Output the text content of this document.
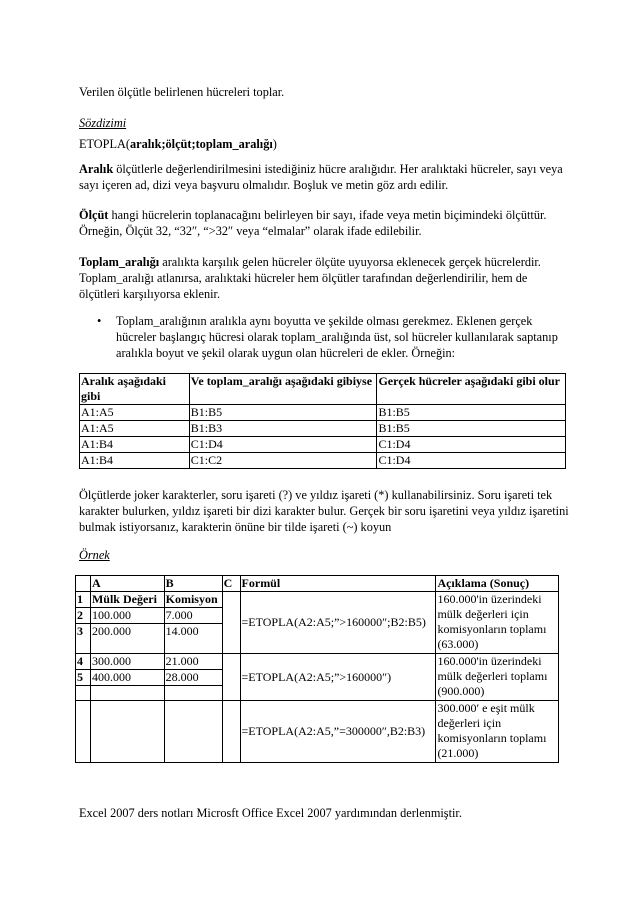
Verilen ölçütle belirlenen hücreleri toplar.

Sözdizimi

ETOPLA(aralık;ölçüt;toplam_aralığı)

Aralık ölçütlerle değerlendirilmesini istediğiniz hücre aralığıdır. Her aralıktaki hücreler, sayı veya sayı içeren ad, dizi veya başvuru olmalıdır. Boşluk ve metin göz ardı edilir.

Ölçüt hangi hücrelerin toplanacağını belirleyen bir sayı, ifade veya metin biçimindeki ölçüttür. Örneğin, Ölçüt 32, “32″, “>32″ veya “elmalar” olarak ifade edilebilir.

Toplam_aralığı aralıkta karşılık gelen hücreler ölçüte uyuyorsa eklenecek gerçek hücrelerdir. Toplam_aralığı atlanırsa, aralıktaki hücreler hem ölçütler tarafından değerlendirilir, hem de ölçütleri karşılıyorsa eklenir.

• Toplam_aralığının aralıkla aynı boyutta ve şekilde olması gerekmez. Eklenen gerçek hücreler başlangıç hücresi olarak toplam_aralığında üst, sol hücreler kullanılarak saptanıp aralıkla boyut ve şekil olarak uygun olan hücreleri de ekler. Örneğin:
Aralık aşağıdaki gibi	Ve toplam_aralığı aşağıdaki gibiyse	Gerçek hücreler aşağıdaki gibi olur
A1:A5	B1:B5	B1:B5
A1:A5	B1:B3	B1:B5
A1:B4	C1:D4	C1:D4
A1:B4	C1:C2	C1:D4

Ölçütlerde joker karakterler, soru işareti (?) ve yıldız işareti (*) kullanabilirsiniz. Soru işareti tek karakter bulurken, yıldız işareti bir dizi karakter bulur. Gerçek bir soru işaretini veya yıldız işaretini bulmak istiyorsanız, karakterin önüne bir tilde işareti (~) koyun

Örnek

	A	B	C	Formül	Açıklama (Sonuç)
1	Mülk Değeri	Komisyon		=ETOPLA(A2:A5;”>160000″;B2:B5)	160.000'in üzerindeki mülk değerleri için komisyonların toplamı (63.000)
2	100.000	7.000			
3	200.000	14.000			
4	300.000	21.000		=ETOPLA(A2:A5;”>160000″)	160.000'in üzerindeki mülk değerleri toplamı (900.000)
5	400.000	28.000			

				=ETOPLA(A2:A5,”=300000″,B2:B3)	300.000′ e eşit mülk değerleri için komisyonların toplamı (21.000)

Excel 2007 ders notları Microsft Office Excel 2007 yardımından derlenmiştir.
